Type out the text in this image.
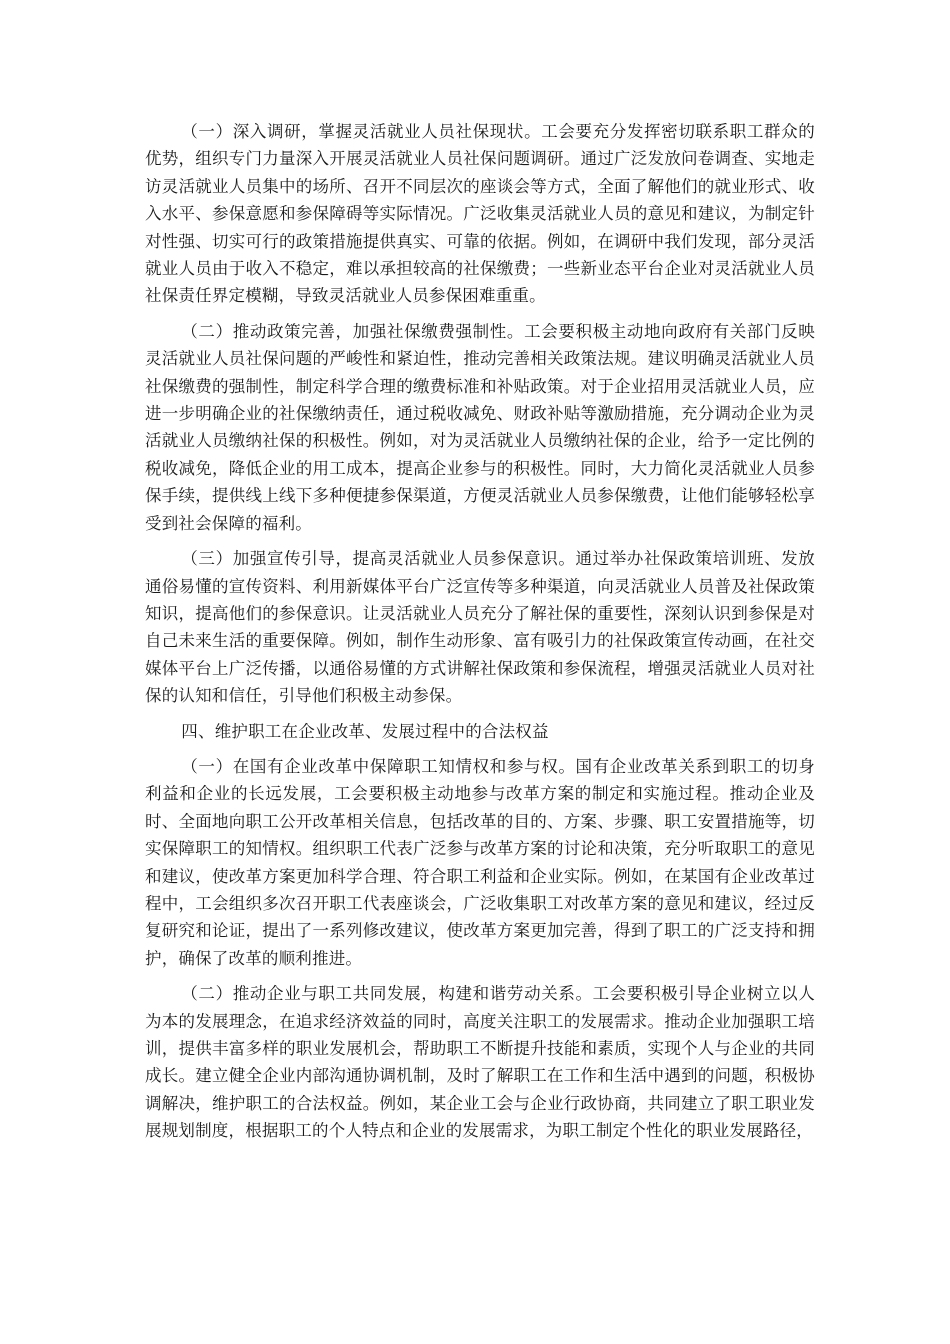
（一）深入调研，掌握灵活就业人员社保现状。工会要充分发挥密切联系职工群众的优势，组织专门力量深入开展灵活就业人员社保问题调研。通过广泛发放问卷调查、实地走访灵活就业人员集中的场所、召开不同层次的座谈会等方式，全面了解他们的就业形式、收入水平、参保意愿和参保障碍等实际情况。广泛收集灵活就业人员的意见和建议，为制定针对性强、切实可行的政策措施提供真实、可靠的依据。例如，在调研中我们发现，部分灵活就业人员由于收入不稳定，难以承担较高的社保缴费；一些新业态平台企业对灵活就业人员社保责任界定模糊，导致灵活就业人员参保困难重重。

（二）推动政策完善，加强社保缴费强制性。工会要积极主动地向政府有关部门反映灵活就业人员社保问题的严峻性和紧迫性，推动完善相关政策法规。建议明确灵活就业人员社保缴费的强制性，制定科学合理的缴费标准和补贴政策。对于企业招用灵活就业人员，应进一步明确企业的社保缴纳责任，通过税收减免、财政补贴等激励措施，充分调动企业为灵活就业人员缴纳社保的积极性。例如，对为灵活就业人员缴纳社保的企业，给予一定比例的税收减免，降低企业的用工成本，提高企业参与的积极性。同时，大力简化灵活就业人员参保手续，提供线上线下多种便捷参保渠道，方便灵活就业人员参保缴费，让他们能够轻松享受到社会保障的福利。

（三）加强宣传引导，提高灵活就业人员参保意识。通过举办社保政策培训班、发放通俗易懂的宣传资料、利用新媒体平台广泛宣传等多种渠道，向灵活就业人员普及社保政策知识，提高他们的参保意识。让灵活就业人员充分了解社保的重要性，深刻认识到参保是对自己未来生活的重要保障。例如，制作生动形象、富有吸引力的社保政策宣传动画，在社交媒体平台上广泛传播，以通俗易懂的方式讲解社保政策和参保流程，增强灵活就业人员对社保的认知和信任，引导他们积极主动参保。

四、维护职工在企业改革、发展过程中的合法权益

（一）在国有企业改革中保障职工知情权和参与权。国有企业改革关系到职工的切身利益和企业的长远发展，工会要积极主动地参与改革方案的制定和实施过程。推动企业及时、全面地向职工公开改革相关信息，包括改革的目的、方案、步骤、职工安置措施等，切实保障职工的知情权。组织职工代表广泛参与改革方案的讨论和决策，充分听取职工的意见和建议，使改革方案更加科学合理、符合职工利益和企业实际。例如，在某国有企业改革过程中，工会组织多次召开职工代表座谈会，广泛收集职工对改革方案的意见和建议，经过反复研究和论证，提出了一系列修改建议，使改革方案更加完善，得到了职工的广泛支持和拥护，确保了改革的顺利推进。

（二）推动企业与职工共同发展，构建和谐劳动关系。工会要积极引导企业树立以人为本的发展理念，在追求经济效益的同时，高度关注职工的发展需求。推动企业加强职工培训，提供丰富多样的职业发展机会，帮助职工不断提升技能和素质，实现个人与企业的共同成长。建立健全企业内部沟通协调机制，及时了解职工在工作和生活中遇到的问题，积极协调解决，维护职工的合法权益。例如，某企业工会与企业行政协商，共同建立了职工职业发展规划制度，根据职工的个人特点和企业的发展需求，为职工制定个性化的职业发展路径，
